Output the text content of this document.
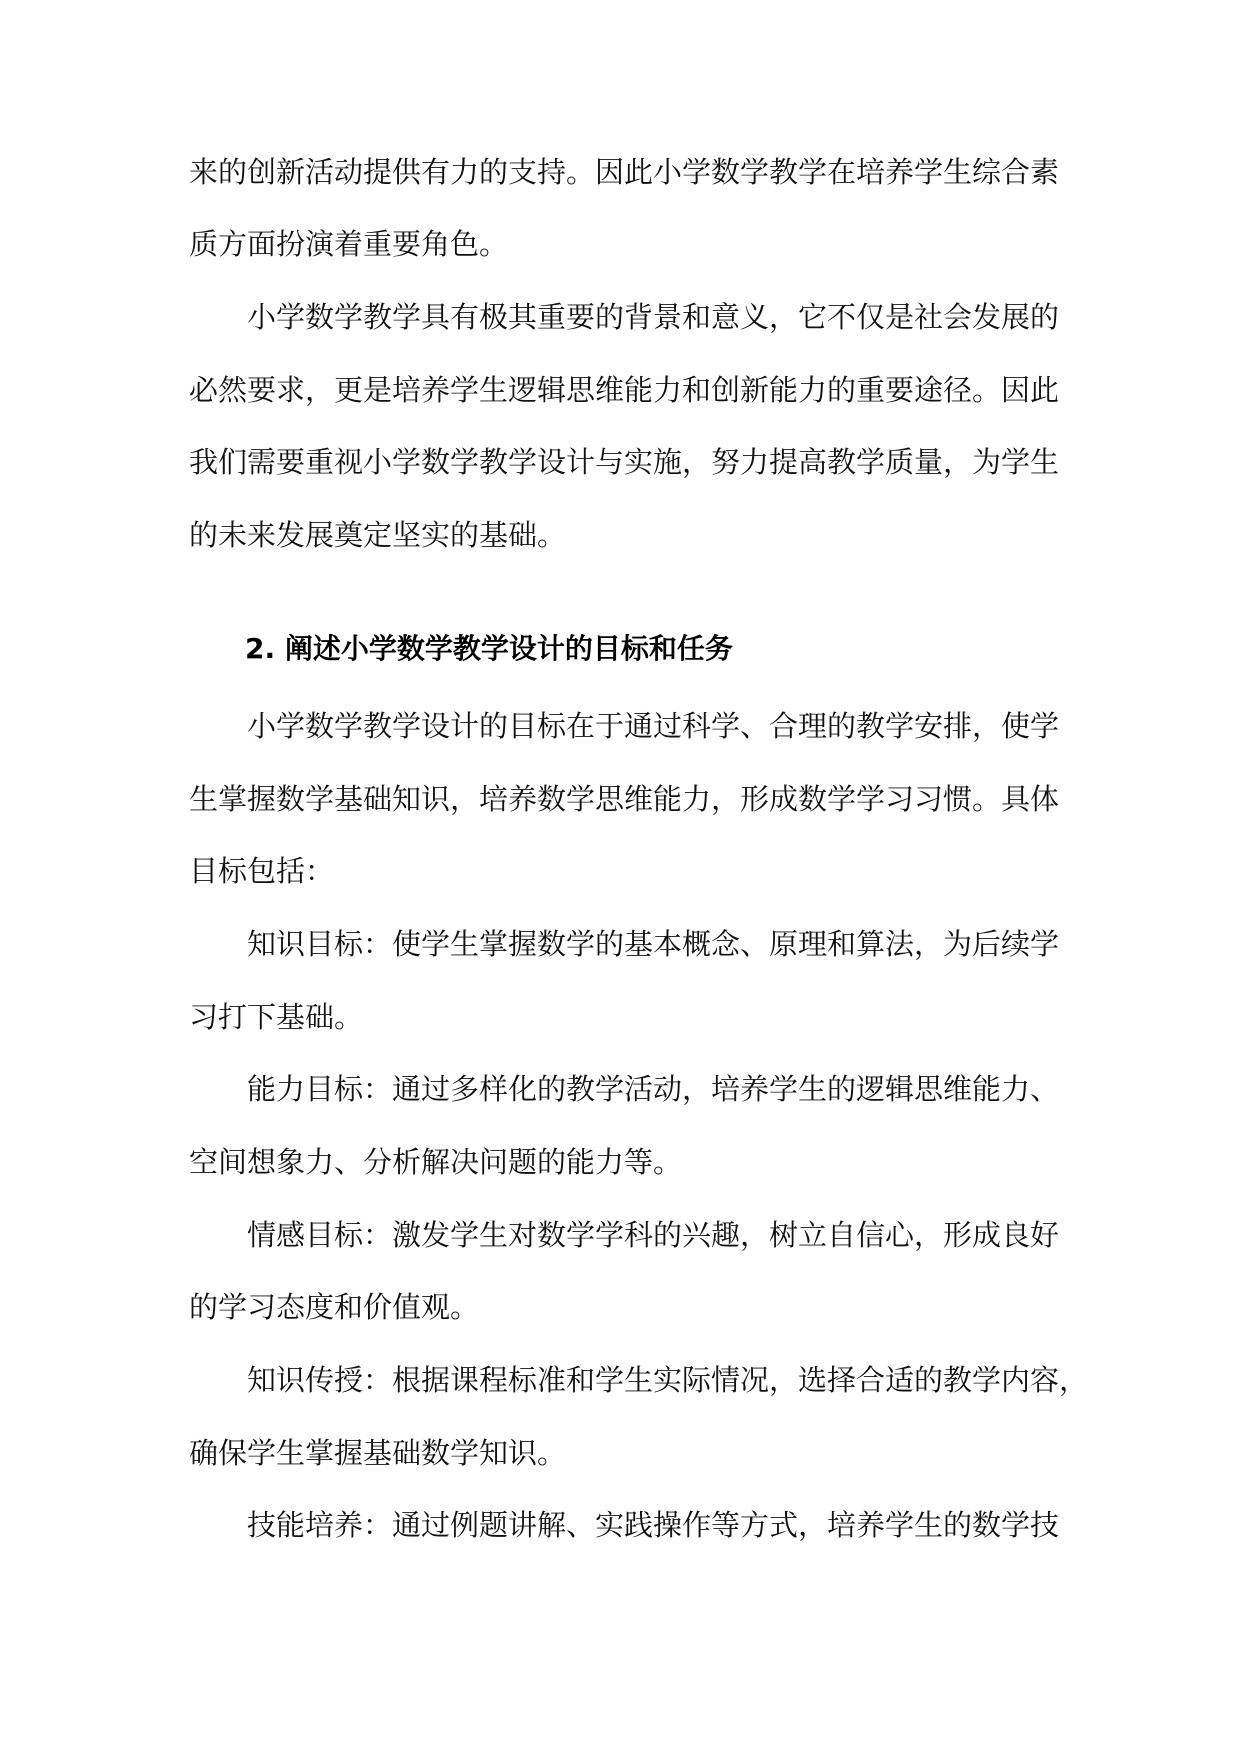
来的创新活动提供有力的支持。因此小学数学教学在培养学生综合素
质方面扮演着重要角色。
小学数学教学具有极其重要的背景和意义，它不仅是社会发展的
必然要求，更是培养学生逻辑思维能力和创新能力的重要途径。因此
我们需要重视小学数学教学设计与实施，努力提高教学质量，为学生
的未来发展奠定坚实的基础。
2. 阐述小学数学教学设计的目标和任务
小学数学教学设计的目标在于通过科学、合理的教学安排，使学
生掌握数学基础知识，培养数学思维能力，形成数学学习习惯。具体
目标包括：
知识目标：使学生掌握数学的基本概念、原理和算法，为后续学
习打下基础。
能力目标：通过多样化的教学活动，培养学生的逻辑思维能力、
空间想象力、分析解决问题的能力等。
情感目标：激发学生对数学学科的兴趣，树立自信心，形成良好
的学习态度和价值观。
知识传授：根据课程标准和学生实际情况，选择合适的教学内容，
确保学生掌握基础数学知识。
技能培养：通过例题讲解、实践操作等方式，培养学生的数学技
